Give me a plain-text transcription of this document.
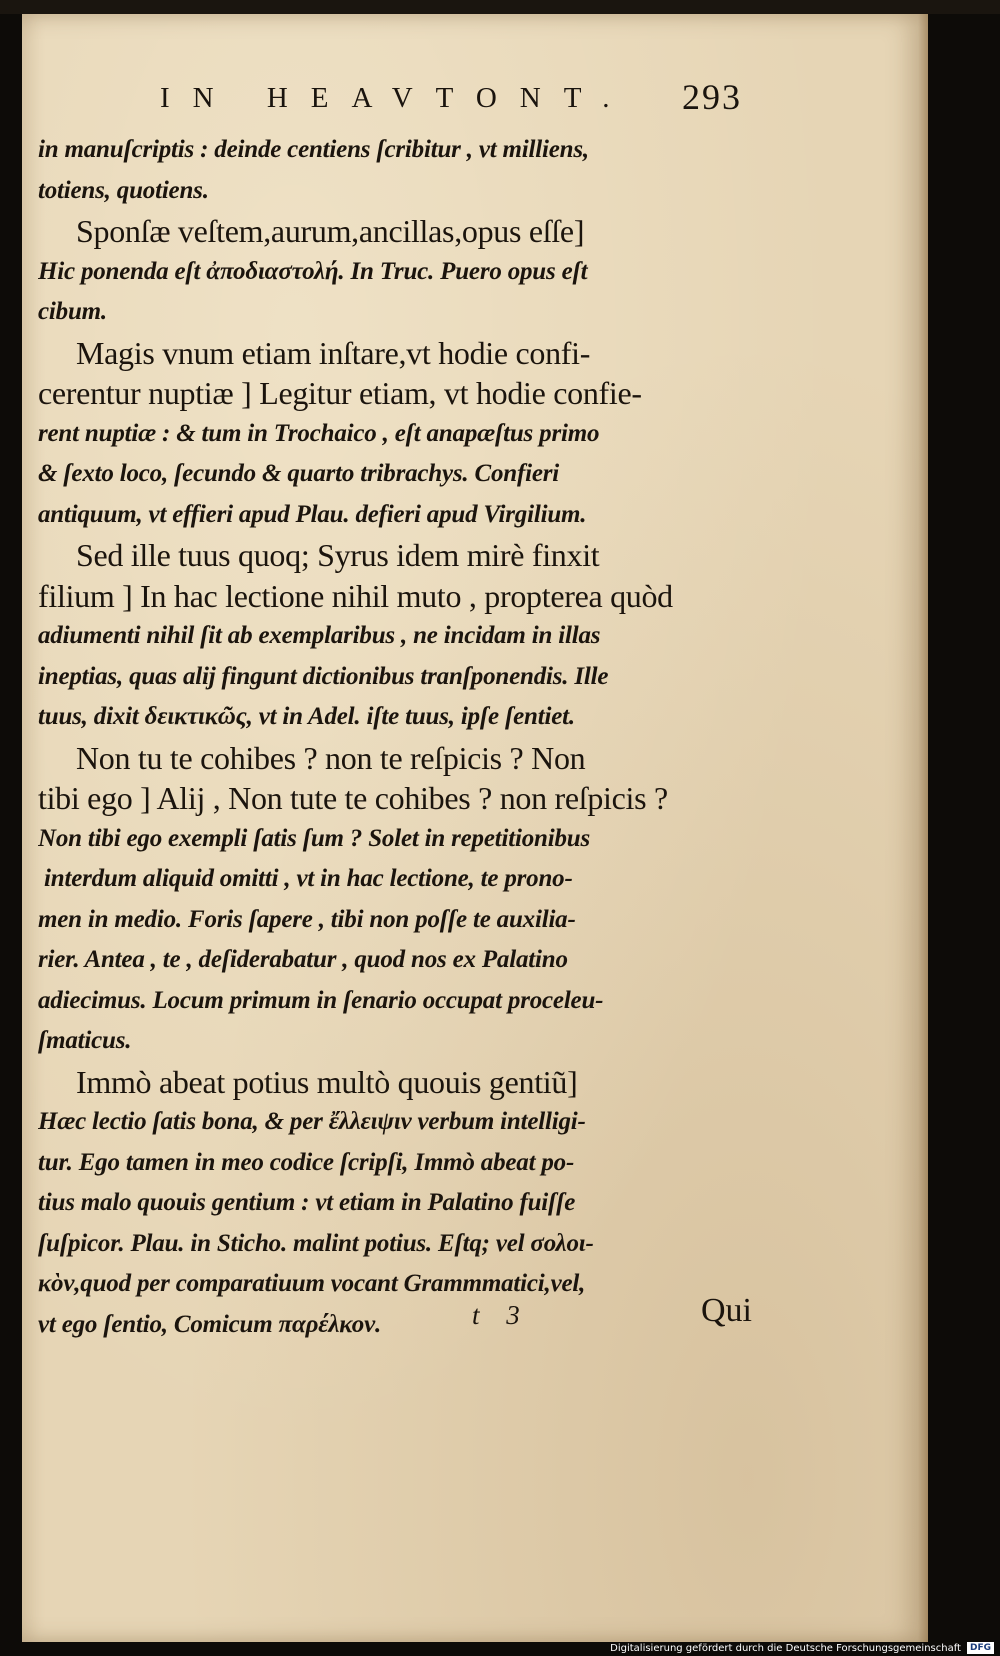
IN HEAVTONT. 293
in manuſcriptis : deinde centiens ſcribitur , vt milliens,
totiens, quotiens.
Sponſæ veſtem,aurum,ancillas,opus eſſe]
Hic ponenda eſt ἀποδιαστολή. In Truc. Puero opus eſt
cibum.
Magis vnum etiam inſtare,vt hodie confi-
cerentur nuptiæ ] Legitur etiam, vt hodie confie-
rent nuptiæ : & tum in Trochaico , eſt anapæſtus primo
& ſexto loco, ſecundo & quarto tribrachys. Confieri
antiquum, vt effieri apud Plau. defieri apud Virgilium.
Sed ille tuus quoq; Syrus idem mirè finxit
filium ] In hac lectione nihil muto , propterea quòd
adiumenti nihil ſit ab exemplaribus , ne incidam in illas
ineptias, quas alij fingunt dictionibus tranſponendis. Ille
tuus, dixit δεικτικῶς, vt in Adel. iſte tuus, ipſe ſentiet.
Non tu te cohibes ? non te reſpicis ? Non
tibi ego ] Alij , Non tute te cohibes ? non reſpicis ?
Non tibi ego exempli ſatis ſum ? Solet in repetitionibus
interdum aliquid omitti , vt in hac lectione, te prono-
men in medio. Foris ſapere , tibi non poſſe te auxilia-
rier. Antea , te , deſiderabatur , quod nos ex Palatino
adiecimus. Locum primum in ſenario occupat proceleu-
ſmaticus.
Immò abeat potius multò quouis gentiũ]
Hæc lectio ſatis bona, & per ἔλλειψιν verbum intelligi-
tur. Ego tamen in meo codice ſcripſi, Immò abeat po-
tius malo quouis gentium : vt etiam in Palatino fuiſſe
ſuſpicor. Plau. in Sticho. malint potius. Eſtq; vel σολοι-
κὸν,quod per comparatiuum vocant Grammmatici,vel,
vt ego ſentio, Comicum παρέλκον.	t 3	Qui
Digitalisierung gefördert durch die Deutsche Forschungsgemeinschaft	DFG
